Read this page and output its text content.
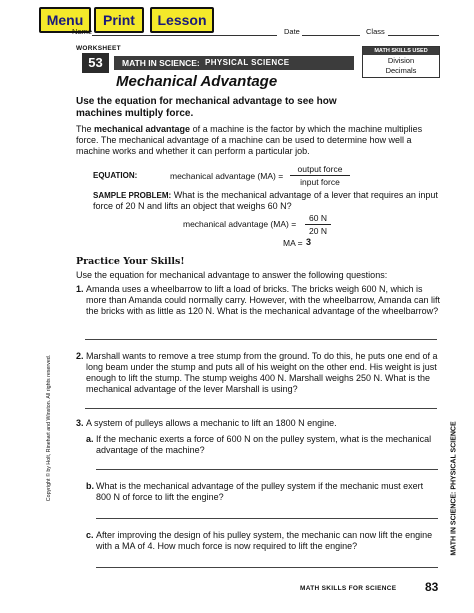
Menu	Print	Lesson
Name	Date	Class
WORKSHEET
53	MATH IN SCIENCE: PHYSICAL SCIENCE
MATH SKILLS USED
Division
Decimals
Mechanical Advantage
Use the equation for mechanical advantage to see how machines multiply force.
The mechanical advantage of a machine is the factor by which the machine multiplies force. The mechanical advantage of a machine can be used to determine how well a machine works and whether it can perform a particular job.
EQUATION:	mechanical advantage (MA) =
output force
input force
SAMPLE PROBLEM: What is the mechanical advantage of a lever that requires an input force of 20 N and lifts an object that weighs 60 N?
mechanical advantage (MA) =
60 N
20 N
MA = 3
Practice Your Skills!
Use the equation for mechanical advantage to answer the following questions:
1. Amanda uses a wheelbarrow to lift a load of bricks. The bricks weigh 600 N, which is more than Amanda could normally carry. However, with the wheelbarrow, Amanda can lift the bricks with as little as 120 N. What is the mechanical advantage of the wheelbarrow?
2. Marshall wants to remove a tree stump from the ground. To do this, he puts one end of a long beam under the stump and puts all of his weight on the other end. His weight is just enough to lift the stump. The stump weighs 400 N. Marshall weighs 250 N. What is the mechanical advantage of the lever Marshall is using?
3. A system of pulleys allows a mechanic to lift an 1800 N engine.
a. If the mechanic exerts a force of 600 N on the pulley system, what is the mechanical advantage of the machine?
b. What is the mechanical advantage of the pulley system if the mechanic must exert 800 N of force to lift the engine?
c. After improving the design of his pulley system, the mechanic can now lift the engine with a MA of 4. How much force is now required to lift the engine?
Copyright © by Holt, Rinehart and Winston. All rights reserved.	MATH IN SCIENCE: PHYSICAL SCIENCE
MATH SKILLS FOR SCIENCE 83
